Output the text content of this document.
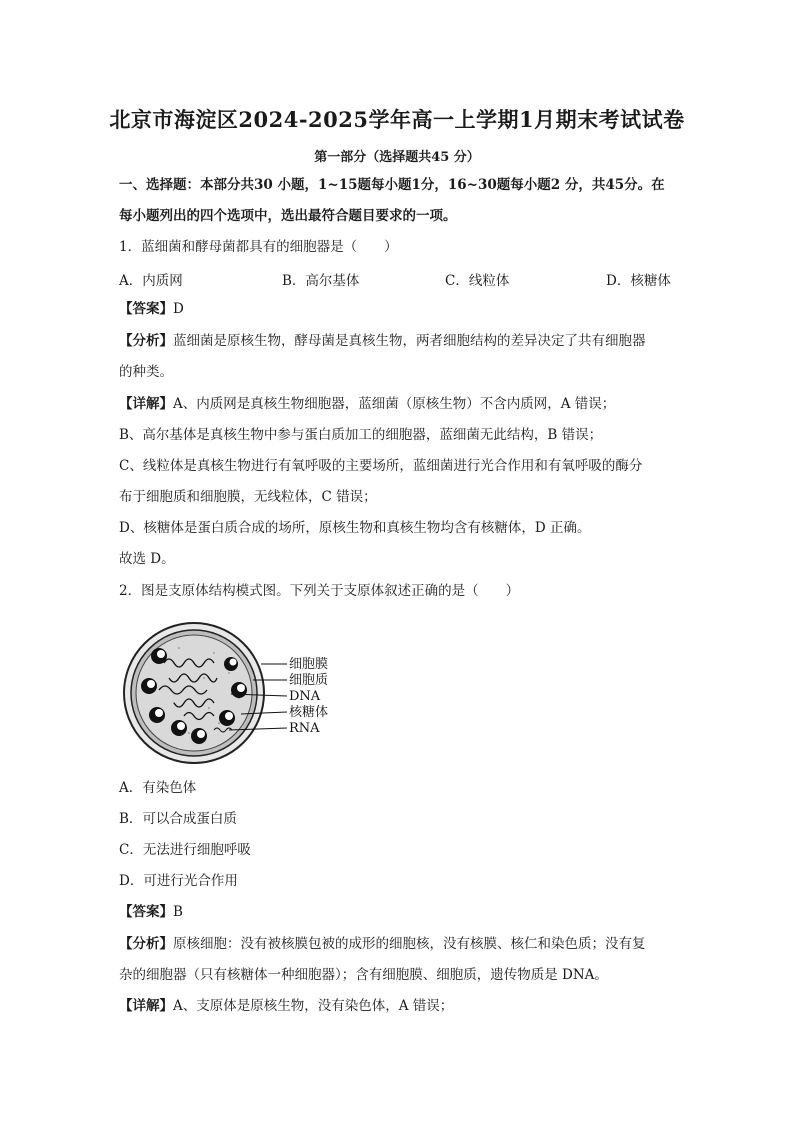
北京市海淀区2024-2025学年高一上学期1月期末考试试卷
第一部分（选择题共45 分）
一、选择题：本部分共30 小题，1~15题每小题1分，16~30题每小题2 分，共45分。在
每小题列出的四个选项中，选出最符合题目要求的一项。
1．蓝细菌和酵母菌都具有的细胞器是（　　）
A．内质网	B．高尔基体	C．线粒体	D．核糖体
【答案】D
【分析】蓝细菌是原核生物，酵母菌是真核生物，两者细胞结构的差异决定了共有细胞器
的种类。
【详解】A、内质网是真核生物细胞器，蓝细菌（原核生物）不含内质网，A 错误；
B、高尔基体是真核生物中参与蛋白质加工的细胞器，蓝细菌无此结构，B 错误；
C、线粒体是真核生物进行有氧呼吸的主要场所，蓝细菌进行光合作用和有氧呼吸的酶分
布于细胞质和细胞膜，无线粒体，C 错误；
D、核糖体是蛋白质合成的场所，原核生物和真核生物均含有核糖体，D 正确。
故选 D。
2．图是支原体结构模式图。下列关于支原体叙述正确的是（　　）
细胞膜
细胞质
DNA
核糖体
RNA
A．有染色体
B．可以合成蛋白质
C．无法进行细胞呼吸
D．可进行光合作用
【答案】B
【分析】原核细胞：没有被核膜包被的成形的细胞核，没有核膜、核仁和染色质；没有复
杂的细胞器（只有核糖体一种细胞器）；含有细胞膜、细胞质，遗传物质是 DNA。
【详解】A、支原体是原核生物，没有染色体，A 错误；
